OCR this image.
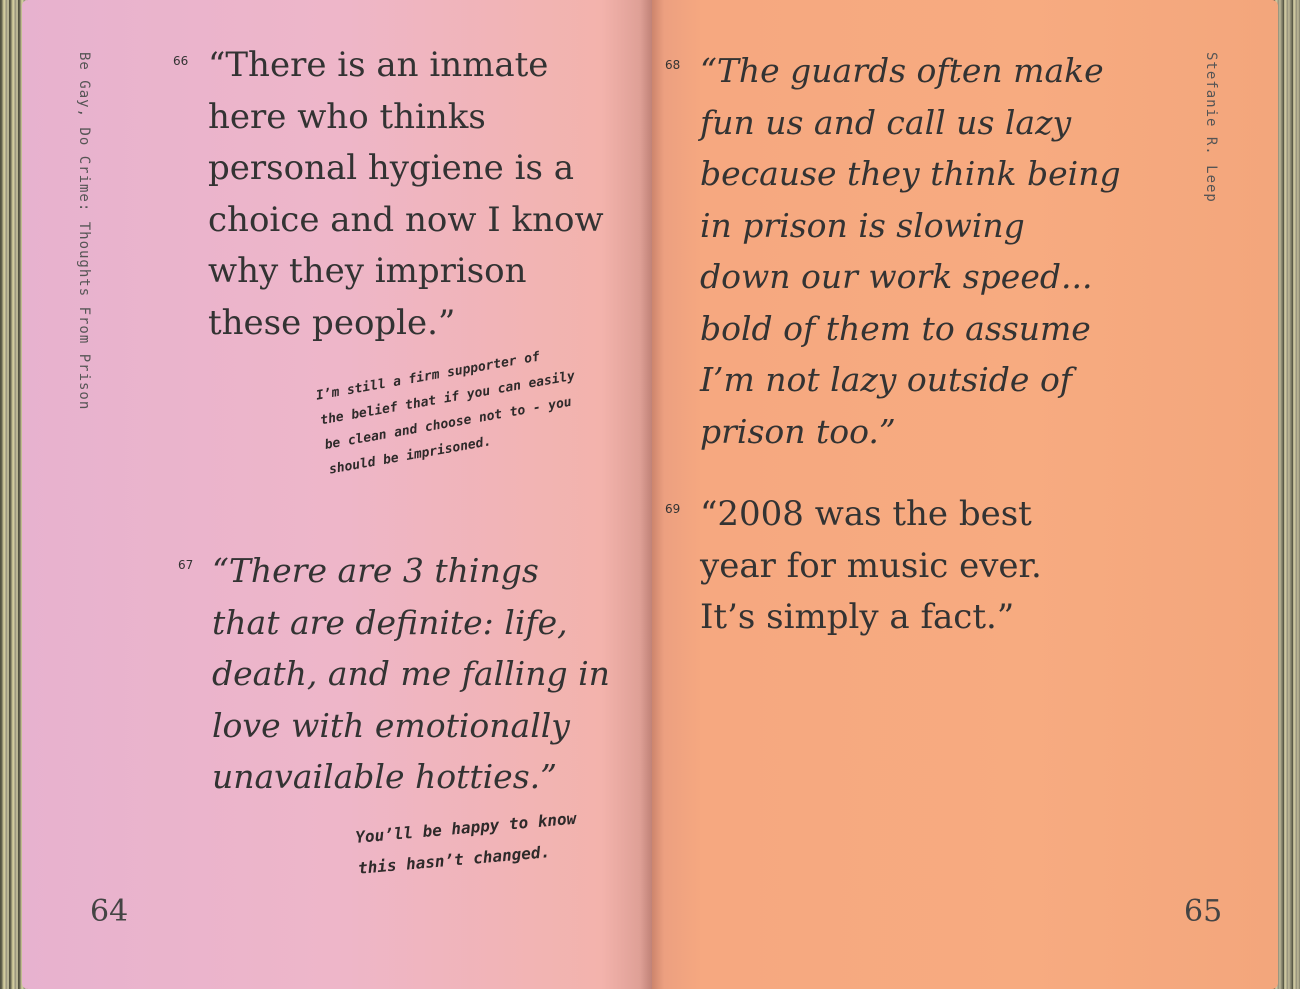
Be Gay, Do Crime: Thoughts From Prison	66 “There is an inmate
here who thinks
personal hygiene is a
choice and now I know
why they imprison
these people.”

I’m still a firm supporter of
the belief that if you can easily
be clean and choose not to - you
should be imprisoned.
67 “There are 3 things
that are definite: life,
death, and me falling in
love with emotionally
unavailable hotties.”

You’ll be happy to know
this hasn’t changed.
64
Stefanie R. Leep
68 “The guards often make
fun us and call us lazy
because they think being
in prison is slowing
down our work speed...
bold of them to assume
I’m not lazy outside of
prison too.”

69 “2008 was the best
year for music ever.
It’s simply a fact.”

65
